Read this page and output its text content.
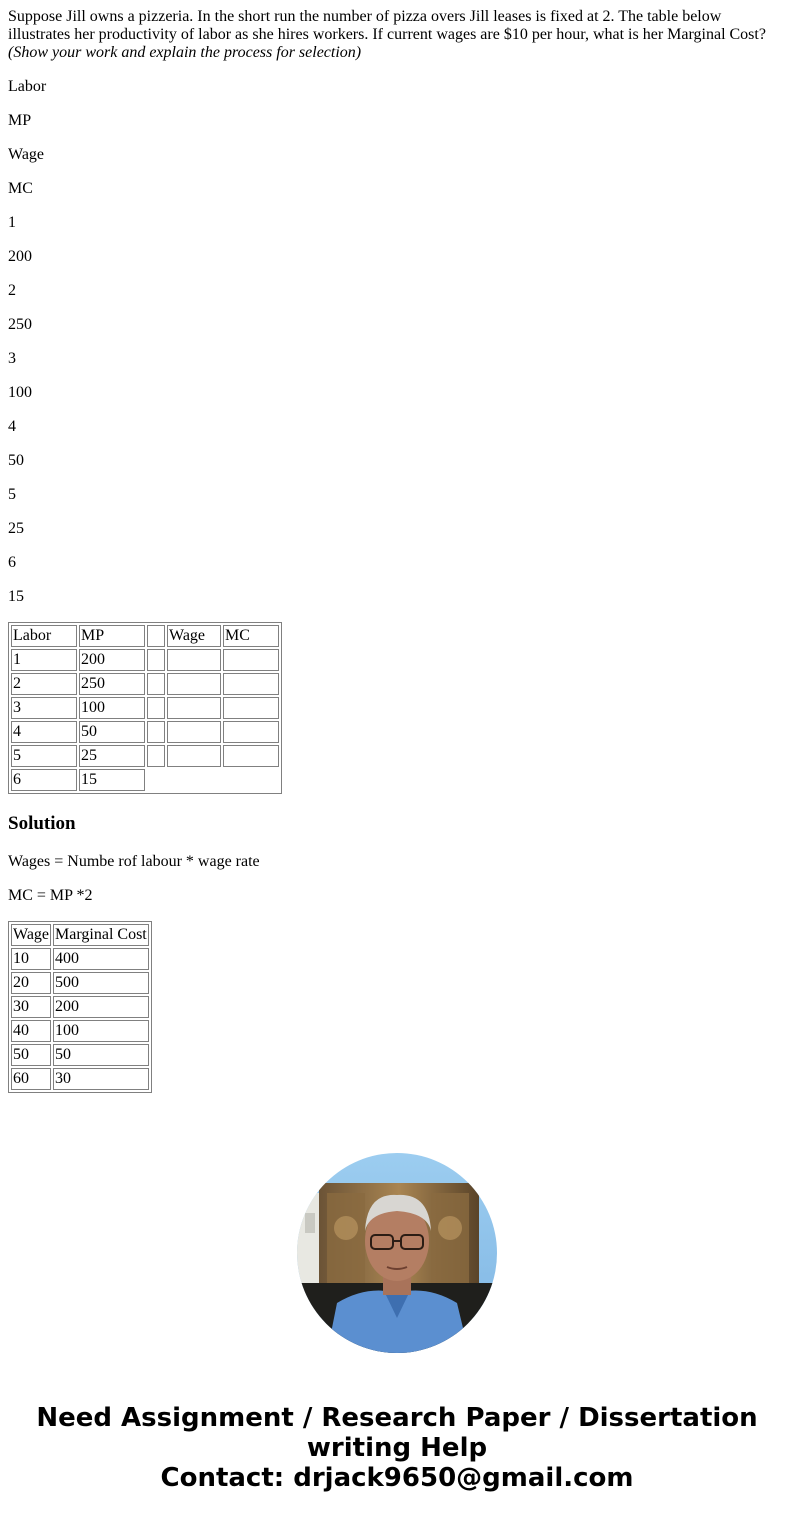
Suppose Jill owns a pizzeria. In the short run the number of pizza overs Jill leases is fixed at 2. The table below illustrates her productivity of labor as she hires workers. If current wages are $10 per hour, what is her Marginal Cost?
(Show your work and explain the process for selection)

Labor

MP

Wage

MC

1

200

2

250

3

100

4

50

5

25

6

15

Labor	MP		Wage	MC
1	200			
2	250			
3	100			
4	50			
5	25			
6	15			
Solution

Wages = Numbe rof labour * wage rate

MC = MP *2

Wage	Marginal Cost
10	400
20	500
30	200
40	100
50	50
60	30
Need Assignment / Research Paper / Dissertation
writing Help
Contact: drjack9650@gmail.com
